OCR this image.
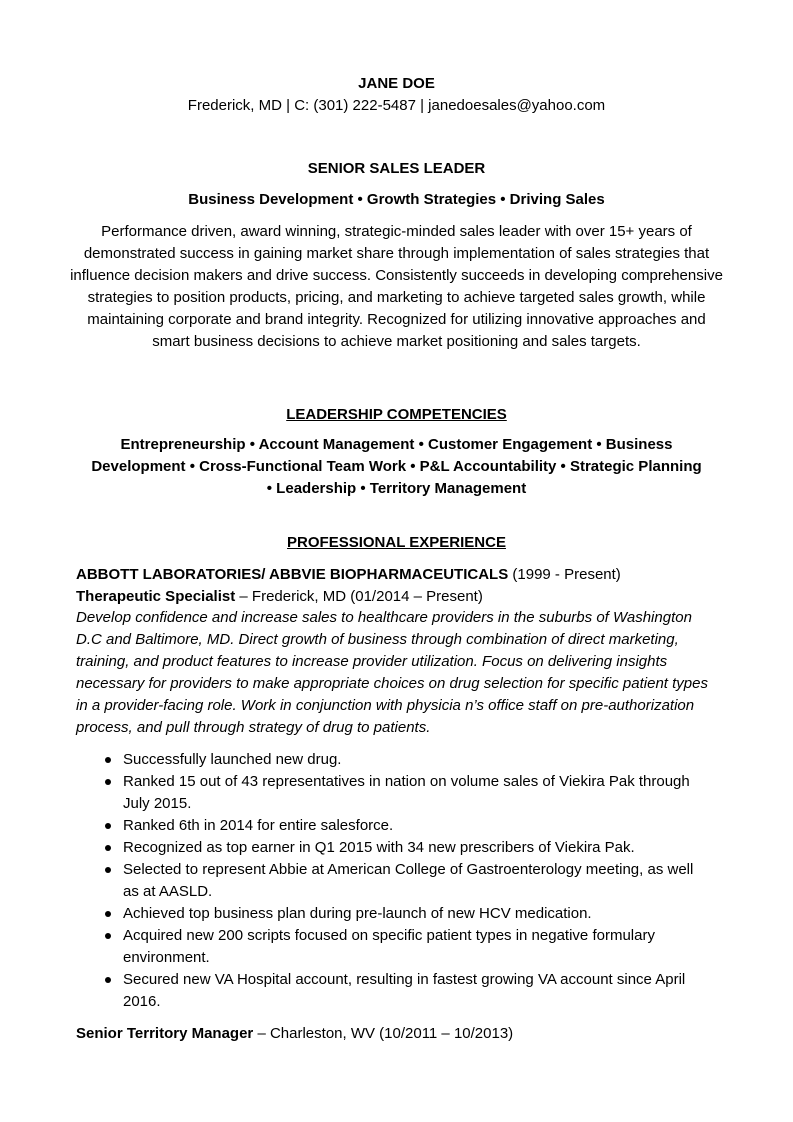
JANE DOE
Frederick, MD | C: (301) 222-5487 | janedoesales@yahoo.com
SENIOR SALES LEADER
Business Development • Growth Strategies • Driving Sales
Performance driven, award winning, strategic-minded sales leader with over 15+ years of demonstrated success in gaining market share through implementation of sales strategies that influence decision makers and drive success. Consistently succeeds in developing comprehensive strategies to position products, pricing, and marketing to achieve targeted sales growth, while maintaining corporate and brand integrity. Recognized for utilizing innovative approaches and smart business decisions to achieve market positioning and sales targets.
LEADERSHIP COMPETENCIES
Entrepreneurship • Account Management • Customer Engagement • Business Development • Cross-Functional Team Work • P&L Accountability • Strategic Planning • Leadership • Territory Management
PROFESSIONAL EXPERIENCE
ABBOTT LABORATORIES/ ABBVIE BIOPHARMACEUTICALS (1999 - Present)
Therapeutic Specialist – Frederick, MD (01/2014 – Present)
Develop confidence and increase sales to healthcare providers in the suburbs of Washington D.C and Baltimore, MD. Direct growth of business through combination of direct marketing, training, and product features to increase provider utilization. Focus on delivering insights necessary for providers to make appropriate choices on drug selection for specific patient types in a provider-facing role. Work in conjunction with physicia n’s office staff on pre-authorization process, and pull through strategy of drug to patients.
Successfully launched new drug.
Ranked 15 out of 43 representatives in nation on volume sales of Viekira Pak through July 2015.
Ranked 6th in 2014 for entire salesforce.
Recognized as top earner in Q1 2015 with 34 new prescribers of Viekira Pak.
Selected to represent Abbie at American College of Gastroenterology meeting, as well as at AASLD.
Achieved top business plan during pre-launch of new HCV medication.
Acquired new 200 scripts focused on specific patient types in negative formulary environment.
Secured new VA Hospital account, resulting in fastest growing VA account since April 2016.
Senior Territory Manager – Charleston, WV (10/2011 – 10/2013)
